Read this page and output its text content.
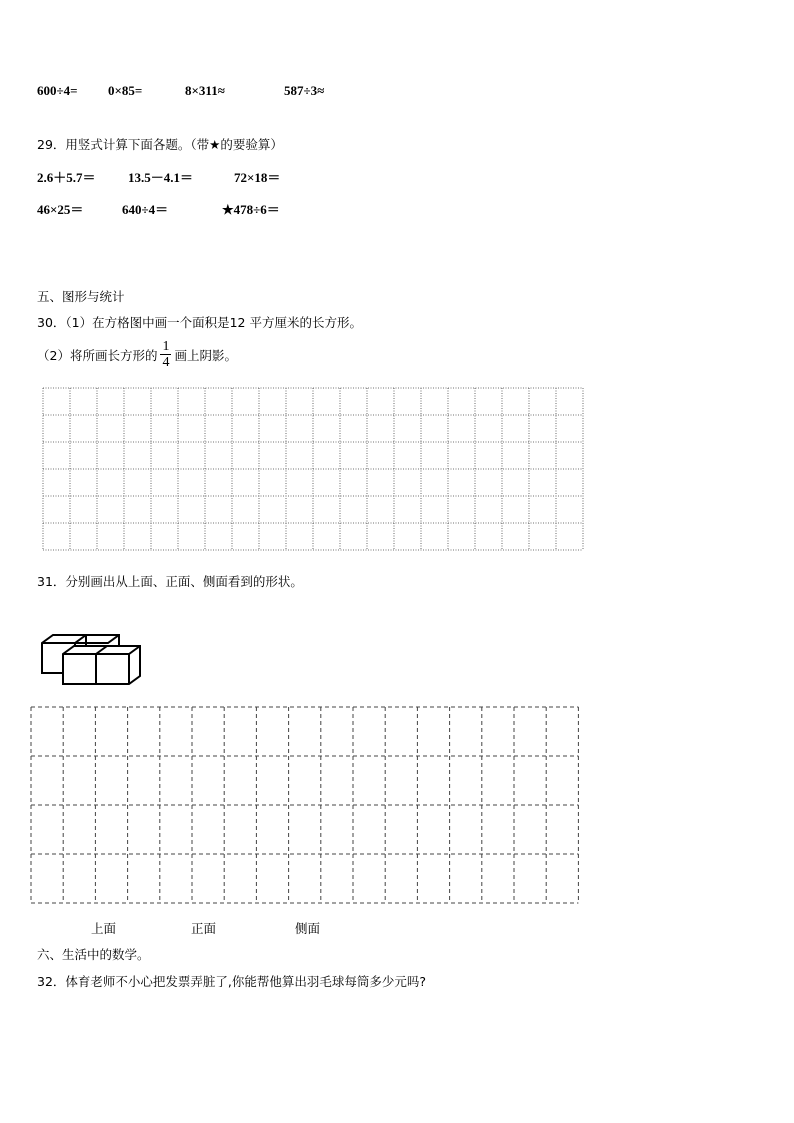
600÷4= 0×85=	8×311≈	587÷3≈
29．用竖式计算下面各题。（带★的要验算）
2.6＋5.7＝ 13.5－4.1＝	72×18＝
46×25＝	640÷4＝	★478÷6＝
五、图形与统计
30．（1）在方格图中画一个面积是12 平方厘米的长方形。
（2）将所画长方形的 $\frac{1}{4}$ 画上阴影。
31．分别画出从上面、正面、侧面看到的形状。
上面	正面	侧面
六、生活中的数学。
32．体育老师不小心把发票弄脏了,你能帮他算出羽毛球每筒多少元吗?
